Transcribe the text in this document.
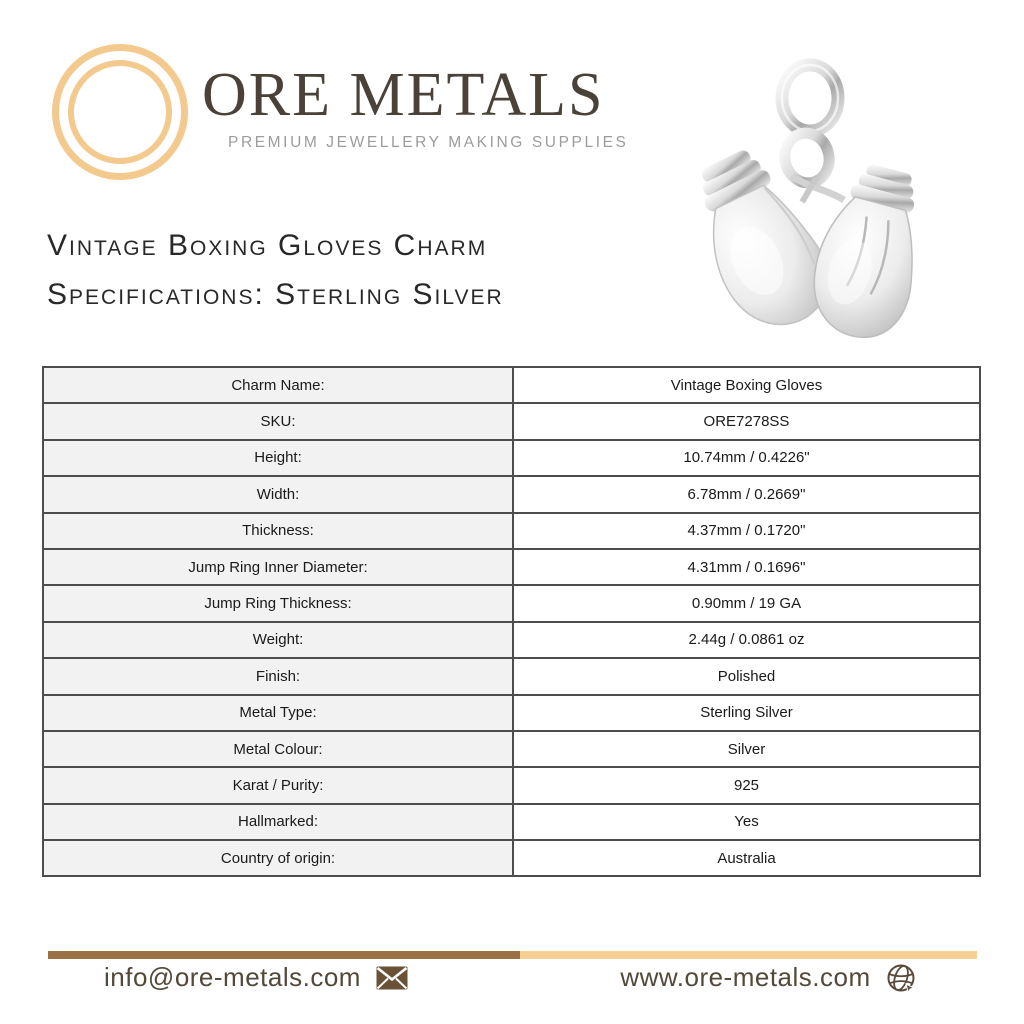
ORE METALS
PREMIUM JEWELLERY MAKING SUPPLIES
Vintage Boxing Gloves Charm
Specifications: Sterling Silver
Charm Name:	Vintage Boxing Gloves
SKU:	ORE7278SS
Height:	10.74mm / 0.4226"
Width:	6.78mm / 0.2669"
Thickness:	4.37mm / 0.1720"
Jump Ring Inner Diameter:	4.31mm / 0.1696"
Jump Ring Thickness:	0.90mm / 19 GA
Weight:	2.44g / 0.0861 oz
Finish:	Polished
Metal Type:	Sterling Silver
Metal Colour:	Silver
Karat / Purity:	925
Hallmarked:	Yes
Country of origin:	Australia
info@ore-metals.com	www.ore-metals.com
